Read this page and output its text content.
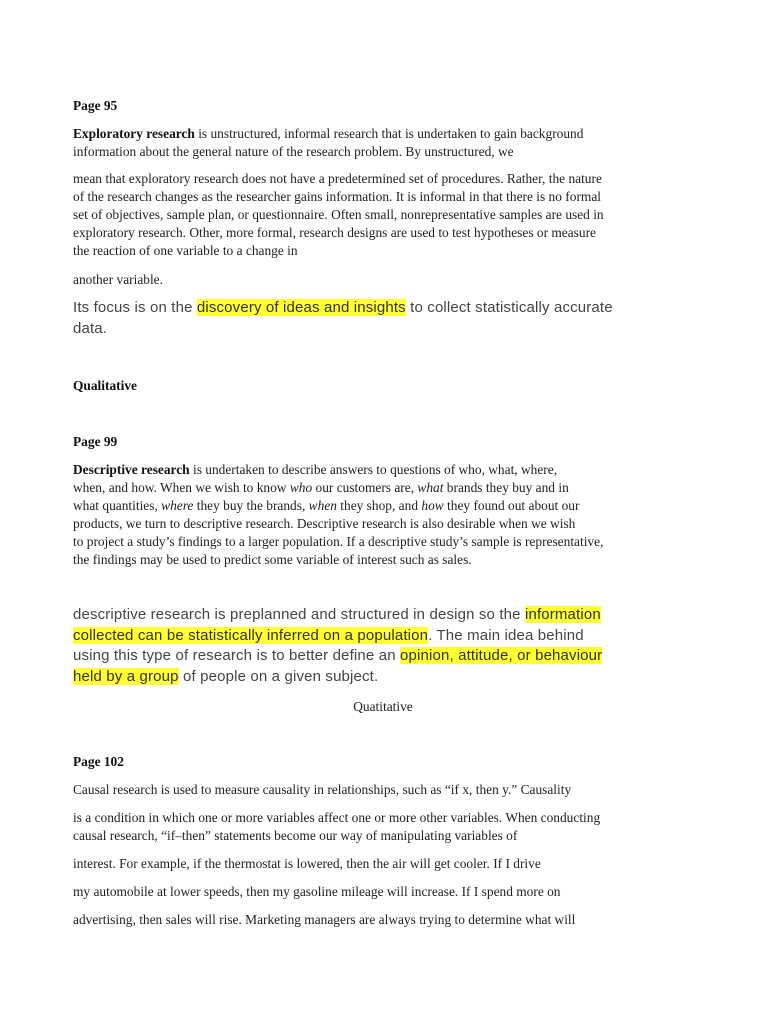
Page 95
Exploratory research is unstructured, informal research that is undertaken to gain background
information about the general nature of the research problem. By unstructured, we
mean that exploratory research does not have a predetermined set of procedures. Rather, the nature
of the research changes as the researcher gains information. It is informal in that there is no formal
set of objectives, sample plan, or questionnaire. Often small, nonrepresentative samples are used in
exploratory research. Other, more formal, research designs are used to test hypotheses or measure
the reaction of one variable to a change in
another variable.
Its focus is on the discovery of ideas and insights to collect statistically accurate
data.
Qualitative
Page 99
Descriptive research is undertaken to describe answers to questions of who, what, where,
when, and how. When we wish to know who our customers are, what brands they buy and in
what quantities, where they buy the brands, when they shop, and how they found out about our
products, we turn to descriptive research. Descriptive research is also desirable when we wish
to project a study’s findings to a larger population. If a descriptive study’s sample is representative,
the findings may be used to predict some variable of interest such as sales.
descriptive research is preplanned and structured in design so the information
collected can be statistically inferred on a population. The main idea behind
using this type of research is to better define an opinion, attitude, or behaviour
held by a group of people on a given subject.
Quatitative
Page 102
Causal research is used to measure causality in relationships, such as “if x, then y.” Causality
is a condition in which one or more variables affect one or more other variables. When conducting
causal research, “if–then” statements become our way of manipulating variables of
interest. For example, if the thermostat is lowered, then the air will get cooler. If I drive
my automobile at lower speeds, then my gasoline mileage will increase. If I spend more on
advertising, then sales will rise. Marketing managers are always trying to determine what will
